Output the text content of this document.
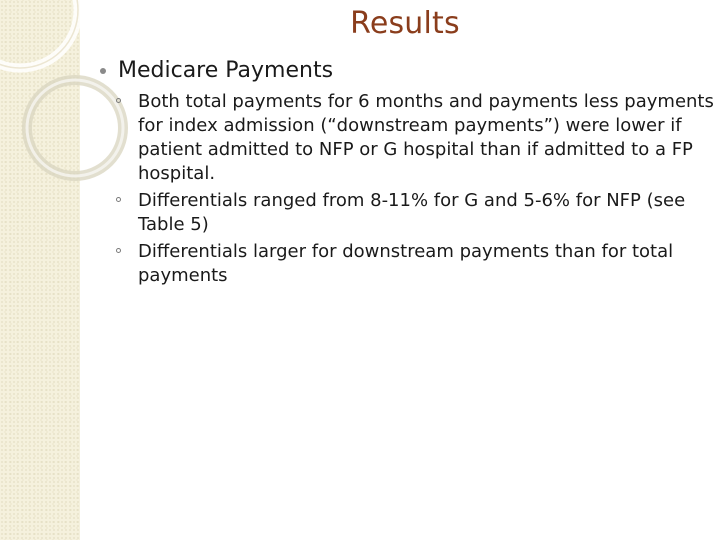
Results
Medicare Payments
Both total payments for 6 months and payments less payments for index admission (“downstream payments”) were lower if patient admitted to NFP or G hospital than if admitted to a FP hospital.
Differentials ranged from 8-11% for G and 5-6% for NFP (see Table 5)
Differentials larger for downstream payments than for total payments
